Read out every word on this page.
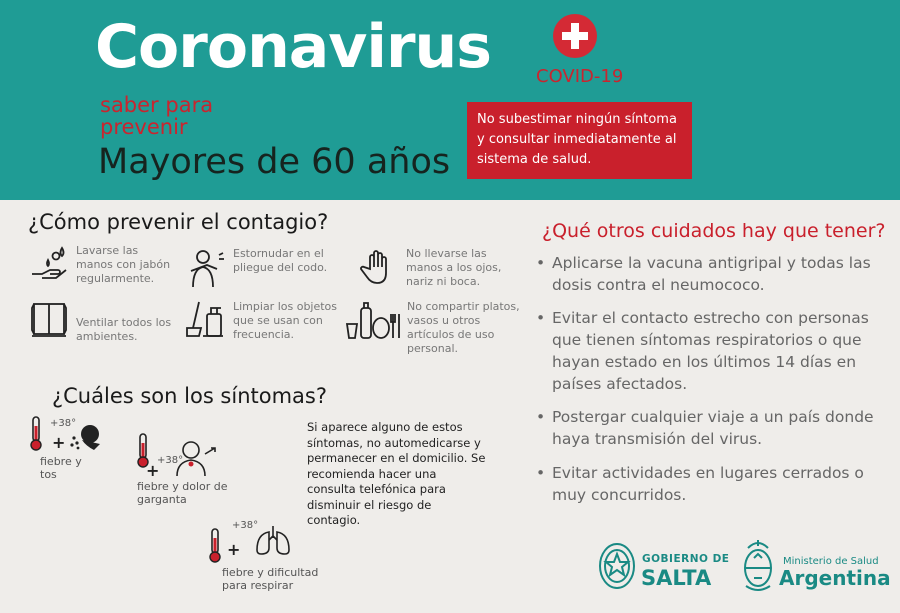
Coronavirus	COVID-19
saber para
prevenir
Mayores de 60 años
No subestimar ningún síntoma y consultar inmediatamente al sistema de salud.
¿Cómo prevenir el contagio?
Lavarse las manos con jabón regularmente.
Estornudar en el pliegue del codo.
No llevarse las manos a los ojos, nariz ni boca.
Ventilar todos los ambientes.
Limpiar los objetos que se usan con frecuencia.
No compartir platos, vasos u otros artículos de uso personal.
¿Cuáles son los síntomas?
+38°
+
fiebre y tos
+38°
+
fiebre y dolor de garganta
+38°
+
fiebre y dificultad para respirar
Si aparece alguno de estos síntomas, no automedicarse y permanecer en el domicilio. Se recomienda hacer una consulta telefónica para disminuir el riesgo de contagio.
¿Qué otros cuidados hay que tener?
• Aplicarse la vacuna antigripal y todas las dosis contra el neumococo.
• Evitar el contacto estrecho con personas que tienen síntomas respiratorios o que hayan estado en los últimos 14 días en países afectados.
• Postergar cualquier viaje a un país donde haya transmisión del virus.
• Evitar actividades en lugares cerrados o muy concurridos.
GOBIERNO DE
SALTA
Ministerio de Salud
Argentina
